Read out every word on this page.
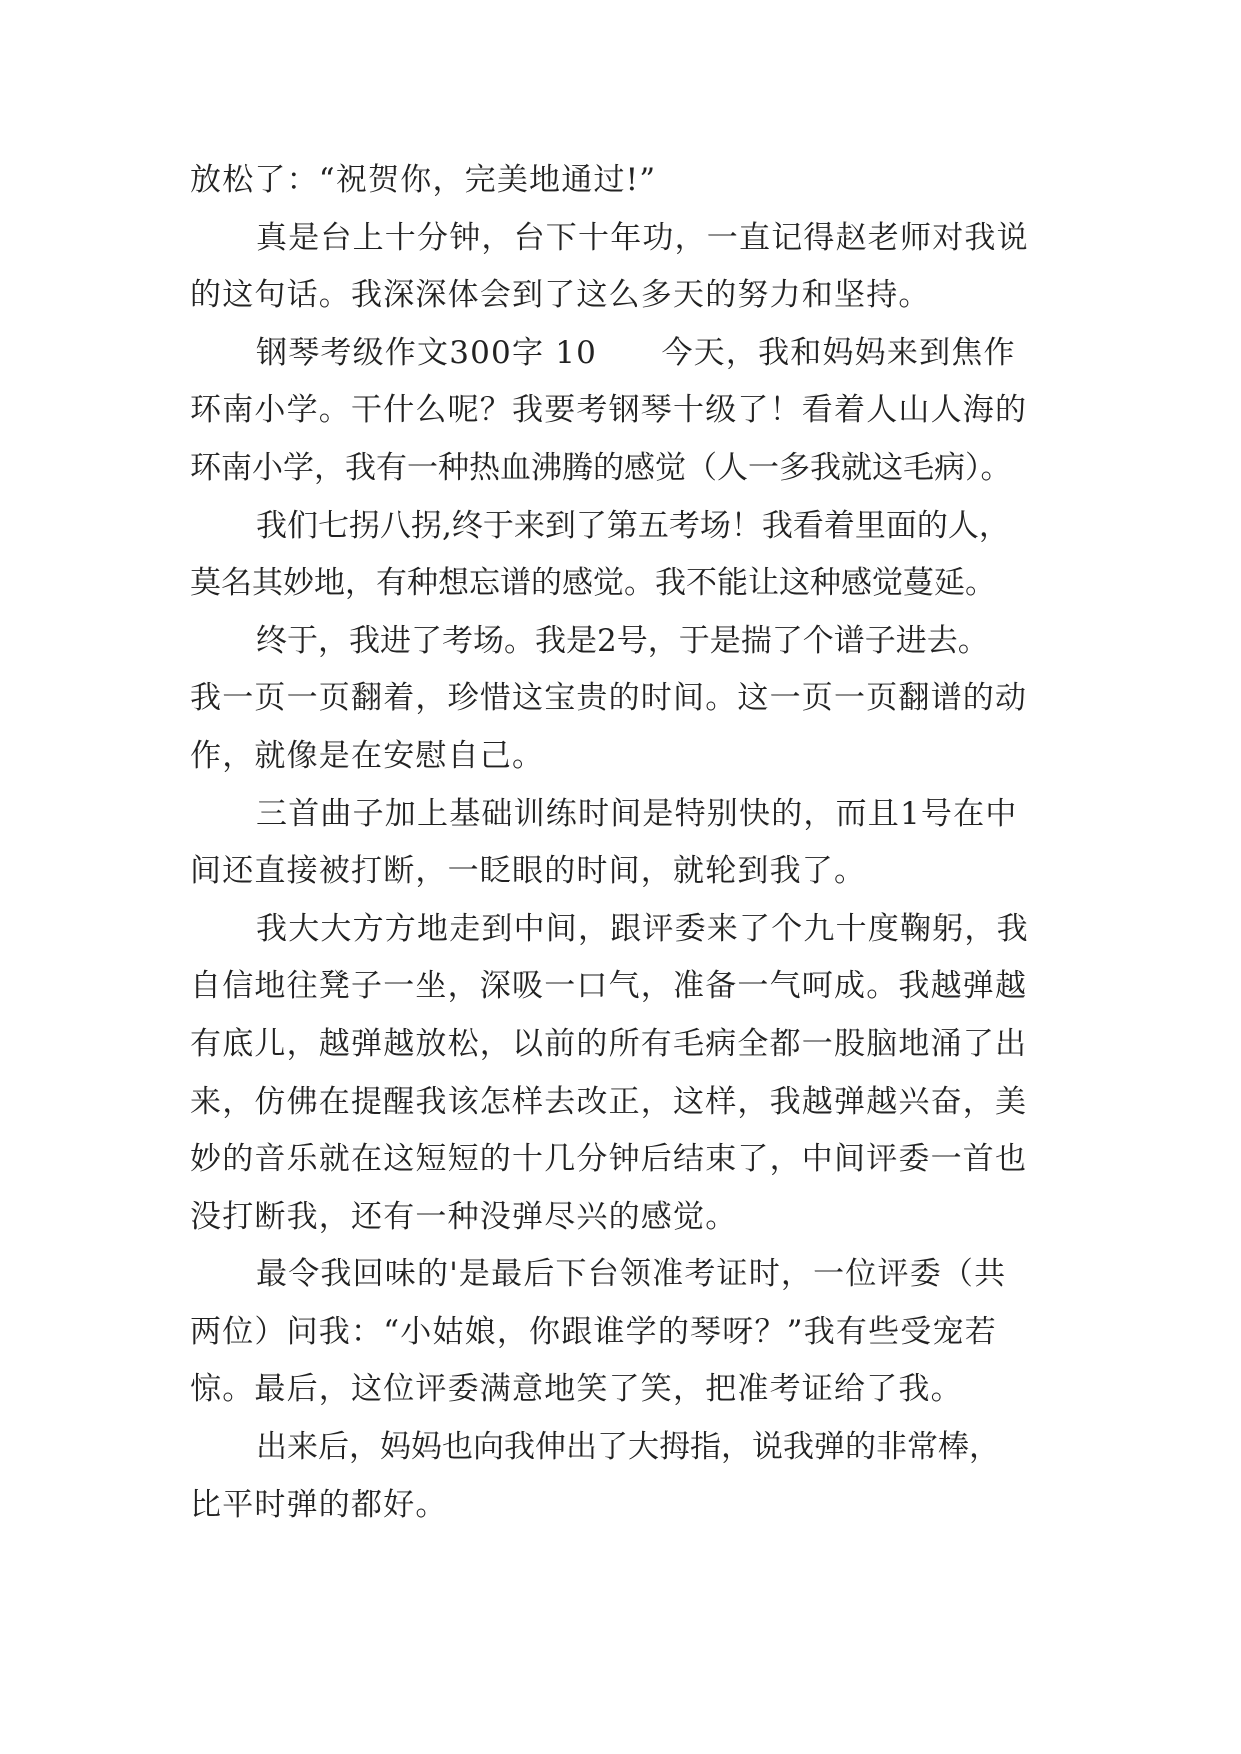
放松了：“祝贺你，完美地通过!”
真是台上十分钟，台下十年功，一直记得赵老师对我说
的这句话。我深深体会到了这么多天的努力和坚持。
钢琴考级作文300字 10　　今天，我和妈妈来到焦作
环南小学。干什么呢？我要考钢琴十级了！看着人山人海的
环南小学，我有一种热血沸腾的感觉（人一多我就这毛病）。
我们七拐八拐,终于来到了第五考场！我看着里面的人，
莫名其妙地，有种想忘谱的感觉。我不能让这种感觉蔓延。
终于，我进了考场。我是2号，于是揣了个谱子进去。
我一页一页翻着，珍惜这宝贵的时间。这一页一页翻谱的动
作，就像是在安慰自己。
三首曲子加上基础训练时间是特别快的，而且1号在中
间还直接被打断，一眨眼的时间，就轮到我了。
我大大方方地走到中间，跟评委来了个九十度鞠躬，我
自信地往凳子一坐，深吸一口气，准备一气呵成。我越弹越
有底儿，越弹越放松，以前的所有毛病全都一股脑地涌了出
来，仿佛在提醒我该怎样去改正，这样，我越弹越兴奋，美
妙的音乐就在这短短的十几分钟后结束了，中间评委一首也
没打断我，还有一种没弹尽兴的感觉。
最令我回味的'是最后下台领准考证时，一位评委（共
两位）问我：“小姑娘，你跟谁学的琴呀？”我有些受宠若
惊。最后，这位评委满意地笑了笑，把准考证给了我。
出来后，妈妈也向我伸出了大拇指，说我弹的非常棒，
比平时弹的都好。
